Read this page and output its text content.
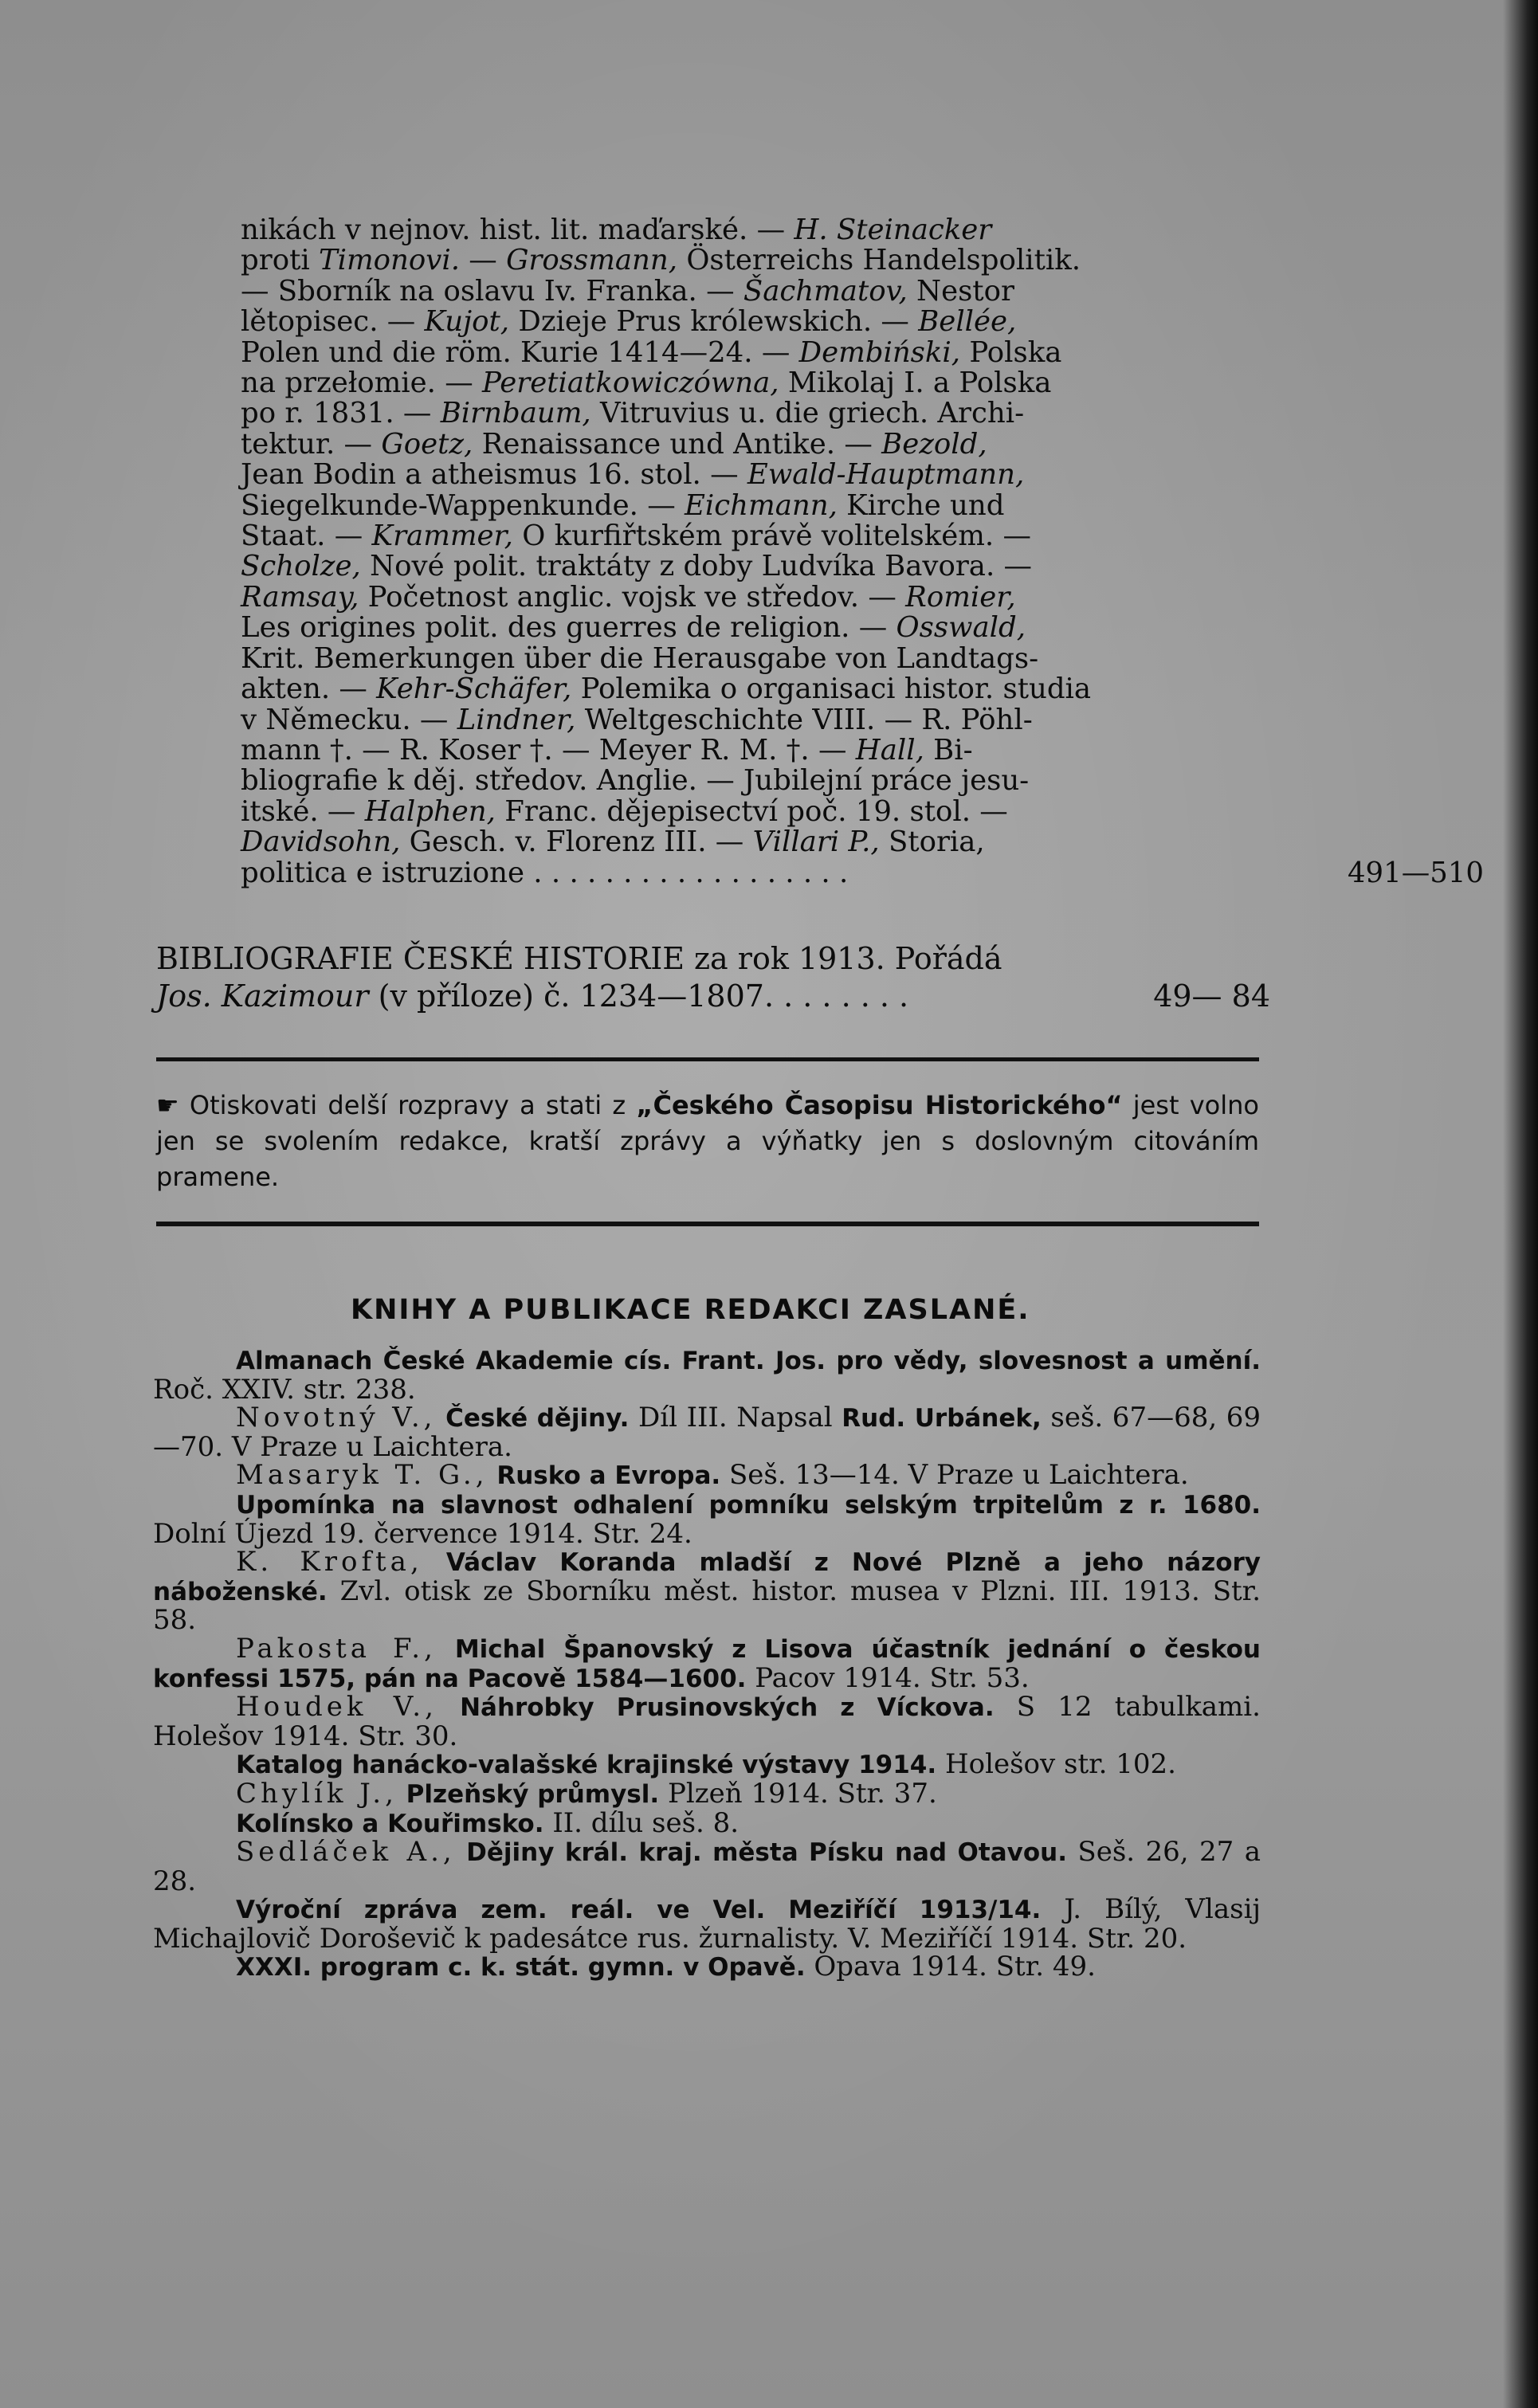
nikách v nejnov. hist. lit. maďarské. — H. Steinacker

proti Timonovi. — Grossmann, Österreichs Handelspolitik.

— Sborník na oslavu Iv. Franka. — Šachmatov, Nestor

lětopisec. — Kujot, Dzieje Prus królewskich. — Bellée,

Polen und die röm. Kurie 1414—24. — Dembiński, Polska

na przełomie. — Peretiatkowiczówna, Mikolaj I. a Polska

po r. 1831. — Birnbaum, Vitruvius u. die griech. Archi-

tektur. — Goetz, Renaissance und Antike. — Bezold,

Jean Bodin a atheismus 16. stol. — Ewald-Hauptmann,

Siegelkunde-Wappenkunde. — Eichmann, Kirche und

Staat. — Krammer, O kurfiřtském právě volitelském. —

Scholze, Nové polit. traktáty z doby Ludvíka Bavora. —

Ramsay, Početnost anglic. vojsk ve středov. — Romier,

Les origines polit. des guerres de religion. — Osswald,

Krit. Bemerkungen über die Herausgabe von Landtags-

akten. — Kehr-Schäfer, Polemika o organisaci histor. studia

v Německu. — Lindner, Weltgeschichte VIII. — R. Pöhl-

mann †. — R. Koser †. — Meyer R. M. †. — Hall, Bi-

bliografie k děj. středov. Anglie. — Jubilejní práce jesu-

itské. — Halphen, Franc. dějepisectví poč. 19. stol. —

Davidsohn, Gesch. v. Florenz III. — Villari P., Storia,

politica e istruzione . . . . . . . . . . . . . . . . . .	491—510

BIBLIOGRAFIE ČESKÉ HISTORIE za rok 1913. Pořádá

Jos. Kazimour (v příloze) č. 1234—1807. . . . . . . .	49— 84

☛ Otiskovati delší rozpravy a stati z „Českého Časopisu Historického“ jest volno jen se svolením redakce, kratší zprávy a výňatky jen s doslovným citováním pramene.
KNIHY A PUBLIKACE REDAKCI ZASLANÉ.

Almanach České Akademie cís. Frant. Jos. pro vědy, slovesnost a umění. Roč. XXIV. str. 238.

Novotný V., České dějiny. Díl III. Napsal Rud. Urbánek, seš. 67—68, 69—70. V Praze u Laichtera.

Masaryk T. G., Rusko a Evropa. Seš. 13—14. V Praze u Laichtera.

Upomínka na slavnost odhalení pomníku selským trpitelům z r. 1680. Dolní Újezd 19. července 1914. Str. 24.

K. Krofta, Václav Koranda mladší z Nové Plzně a jeho názory náboženské. Zvl. otisk ze Sborníku měst. histor. musea v Plzni. III. 1913. Str. 58.

Pakosta F., Michal Španovský z Lisova účastník jednání o českou konfessi 1575, pán na Pacově 1584—1600. Pacov 1914. Str. 53.

Houdek V., Náhrobky Prusinovských z Víckova. S 12 tabulkami. Holešov 1914. Str. 30.

Katalog hanácko-valašské krajinské výstavy 1914. Holešov str. 102.

Chylík J., Plzeňský průmysl. Plzeň 1914. Str. 37.

Kolínsko a Kouřimsko. II. dílu seš. 8.

Sedláček A., Dějiny král. kraj. města Písku nad Otavou. Seš. 26, 27 a 28.

Výroční zpráva zem. reál. ve Vel. Meziříčí 1913/14. J. Bílý, Vlasij Michajlovič Doroševič k padesátce rus. žurnalisty. V. Meziříčí 1914. Str. 20.

XXXI. program c. k. stát. gymn. v Opavě. Opava 1914. Str. 49.
